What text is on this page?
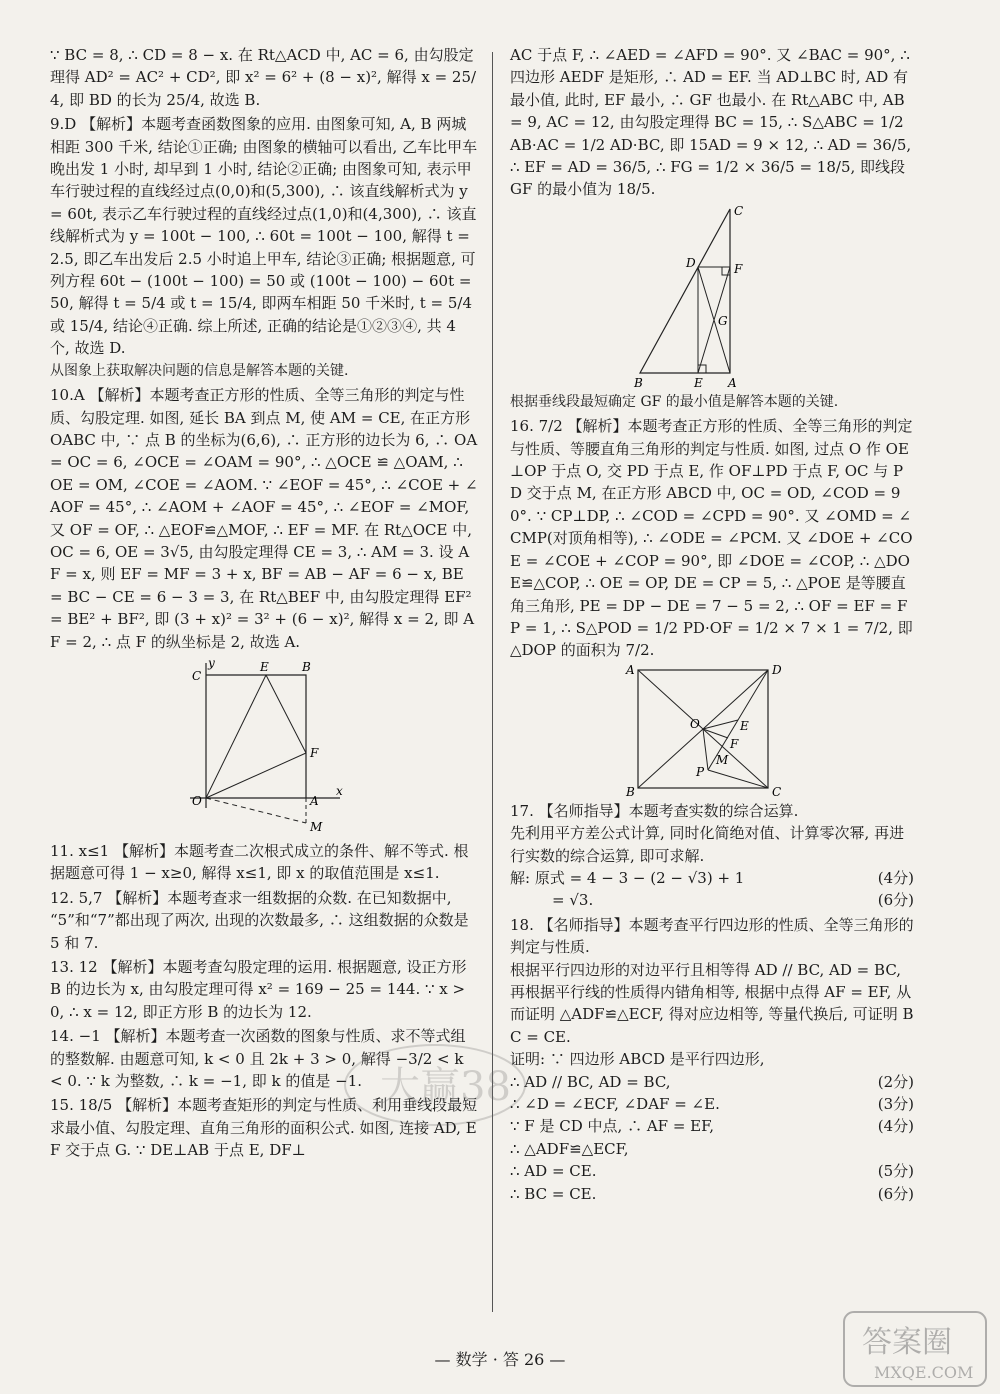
∵ BC = 8, ∴ CD = 8 − x. 在 Rt△ACD 中, AC = 6, 由勾股定理得 AD² = AC² + CD², 即 x² = 6² + (8 − x)², 解得 x = 25/4, 即 BD 的长为 25/4, 故选 B.

9.D 【解析】本题考查函数图象的应用. 由图象可知, A, B 两城相距 300 千米, 结论①正确; 由图象的横轴可以看出, 乙车比甲车晚出发 1 小时, 却早到 1 小时, 结论②正确; 由图象可知, 表示甲车行驶过程的直线经过点(0,0)和(5,300), ∴ 该直线解析式为 y = 60t, 表示乙车行驶过程的直线经过点(1,0)和(4,300), ∴ 该直线解析式为 y = 100t − 100, ∴ 60t = 100t − 100, 解得 t = 2.5, 即乙车出发后 2.5 小时追上甲车, 结论③正确; 根据题意, 可列方程 60t − (100t − 100) = 50 或 (100t − 100) − 60t = 50, 解得 t = 5/4 或 t = 15/4, 即两车相距 50 千米时, t = 5/4 或 15/4, 结论④正确. 综上所述, 正确的结论是①②③④, 共 4 个, 故选 D.

从图象上获取解决问题的信息是解答本题的关键.

10.A 【解析】本题考查正方形的性质、全等三角形的判定与性质、勾股定理. 如图, 延长 BA 到点 M, 使 AM = CE, 在正方形 OABC 中, ∵ 点 B 的坐标为(6,6), ∴ 正方形的边长为 6, ∴ OA = OC = 6, ∠OCE = ∠OAM = 90°, ∴ △OCE ≌ △OAM, ∴ OE = OM, ∠COE = ∠AOM. ∵ ∠EOF = 45°, ∴ ∠COE + ∠AOF = 45°, ∴ ∠AOM + ∠AOF = 45°, ∴ ∠EOF = ∠MOF, 又 OF = OF, ∴ △EOF≌△MOF, ∴ EF = MF. 在 Rt△OCE 中, OC = 6, OE = 3√5, 由勾股定理得 CE = 3, ∴ AM = 3. 设 AF = x, 则 EF = MF = 3 + x, BF = AB − AF = 6 − x, BE = BC − CE = 6 − 3 = 3, 在 Rt△BEF 中, 由勾股定理得 EF² = BE² + BF², 即 (3 + x)² = 3² + (6 − x)², 解得 x = 2, 即 AF = 2, ∴ 点 F 的纵坐标是 2, 故选 A.

y
x
C
E	B
F
O	A
M

11. x≤1 【解析】本题考查二次根式成立的条件、解不等式. 根据题意可得 1 − x≥0, 解得 x≤1, 即 x 的取值范围是 x≤1.

12. 5,7 【解析】本题考查求一组数据的众数. 在已知数据中, “5”和“7”都出现了两次, 出现的次数最多, ∴ 这组数据的众数是 5 和 7.

13. 12 【解析】本题考查勾股定理的运用. 根据题意, 设正方形 B 的边长为 x, 由勾股定理可得 x² = 169 − 25 = 144. ∵ x > 0, ∴ x = 12, 即正方形 B 的边长为 12.

14. −1 【解析】本题考查一次函数的图象与性质、求不等式组的整数解. 由题意可知, k < 0 且 2k + 3 > 0, 解得 −3/2 < k < 0. ∵ k 为整数, ∴ k = −1, 即 k 的值是 −1.

15. 18/5 【解析】本题考查矩形的判定与性质、利用垂线段最短求最小值、勾股定理、直角三角形的面积公式. 如图, 连接 AD, EF 交于点 G. ∵ DE⊥AB 于点 E, DF⊥

AC 于点 F, ∴ ∠AED = ∠AFD = 90°. 又 ∠BAC = 90°, ∴ 四边形 AEDF 是矩形, ∴ AD = EF. 当 AD⊥BC 时, AD 有最小值, 此时, EF 最小, ∴ GF 也最小. 在 Rt△ABC 中, AB = 9, AC = 12, 由勾股定理得 BC = 15, ∴ S△ABC = 1/2 AB·AC = 1/2 AD·BC, 即 15AD = 9 × 12, ∴ AD = 36/5, ∴ EF = AD = 36/5, ∴ FG = 1/2 × 36/5 = 18/5, 即线段 GF 的最小值为 18/5.

C
D	F
G
B	E A

根据垂线段最短确定 GF 的最小值是解答本题的关键.

16. 7/2 【解析】本题考查正方形的性质、全等三角形的判定与性质、等腰直角三角形的判定与性质. 如图, 过点 O 作 OE⊥OP 于点 O, 交 PD 于点 E, 作 OF⊥PD 于点 F, OC 与 PD 交于点 M, 在正方形 ABCD 中, OC = OD, ∠COD = 90°. ∵ CP⊥DP, ∴ ∠COD = ∠CPD = 90°. 又 ∠OMD = ∠CMP(对顶角相等), ∴ ∠ODE = ∠PCM. 又 ∠DOE + ∠COE = ∠COE + ∠COP = 90°, 即 ∠DOE = ∠COP, ∴ △DOE≌△COP, ∴ OE = OP, DE = CP = 5, ∴ △POE 是等腰直角三角形, PE = DP − DE = 7 − 5 = 2, ∴ OF = EF = FP = 1, ∴ S△POD = 1/2 PD·OF = 1/2 × 7 × 1 = 7/2, 即 △DOP 的面积为 7/2.

A	D
O	E
F
M
P
B	C

17. 【名师指导】本题考查实数的综合运算.

先利用平方差公式计算, 同时化简绝对值、计算零次幂, 再进行实数的综合运算, 即可求解.

解: 原式 = 4 − 3 − (2 − √3) + 1	(4分)
= √3.	(6分)

18. 【名师指导】本题考查平行四边形的性质、全等三角形的判定与性质.

根据平行四边形的对边平行且相等得 AD // BC, AD = BC, 再根据平行线的性质得内错角相等, 根据中点得 AF = EF, 从而证明 △ADF≌△ECF, 得对应边相等, 等量代换后, 可证明 BC = CE.

证明: ∵ 四边形 ABCD 是平行四边形,
∴ AD // BC, AD = BC,	(2分)
∴ ∠D = ∠ECF, ∠DAF = ∠E.	(3分)
∵ F 是 CD 中点, ∴ AF = EF,	(4分)
∴ △ADF≌△ECF,
∴ AD = CE.	(5分)
∴ BC = CE.	(6分)
大赢38
— 数学 · 答 26 —	答案圈
MXQE.COM
